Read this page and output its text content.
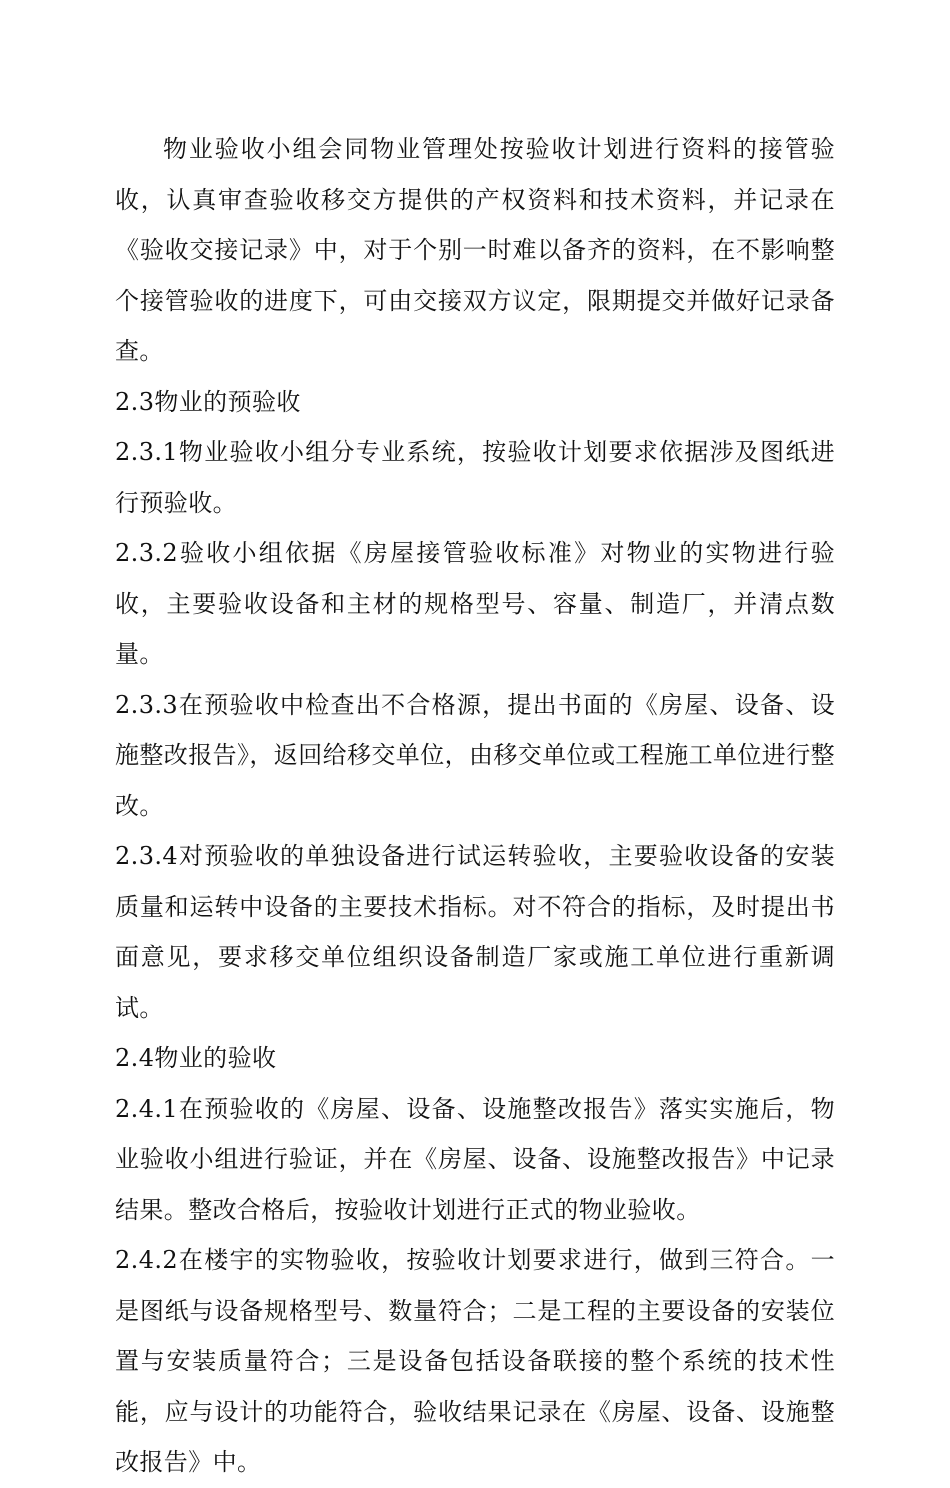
物业验收小组会同物业管理处按验收计划进行资料的接管验收，认真审查验收移交方提供的产权资料和技术资料，并记录在《验收交接记录》中，对于个别一时难以备齐的资料，在不影响整个接管验收的进度下，可由交接双方议定，限期提交并做好记录备查。

2.3物业的预验收

2.3.1物业验收小组分专业系统，按验收计划要求依据涉及图纸进行预验收。

2.3.2验收小组依据《房屋接管验收标准》对物业的实物进行验收，主要验收设备和主材的规格型号、容量、制造厂，并清点数量。

2.3.3在预验收中检查出不合格源，提出书面的《房屋、设备、设施整改报告》，返回给移交单位，由移交单位或工程施工单位进行整改。

2.3.4对预验收的单独设备进行试运转验收，主要验收设备的安装质量和运转中设备的主要技术指标。对不符合的指标，及时提出书面意见，要求移交单位组织设备制造厂家或施工单位进行重新调试。

2.4物业的验收

2.4.1在预验收的《房屋、设备、设施整改报告》落实实施后，物业验收小组进行验证，并在《房屋、设备、设施整改报告》中记录结果。整改合格后，按验收计划进行正式的物业验收。

2.4.2在楼宇的实物验收，按验收计划要求进行，做到三符合。一是图纸与设备规格型号、数量符合；二是工程的主要设备的安装位置与安装质量符合；三是设备包括设备联接的整个系统的技术性能，应与设计的功能符合，验收结果记录在《房屋、设备、设施整改报告》中。
